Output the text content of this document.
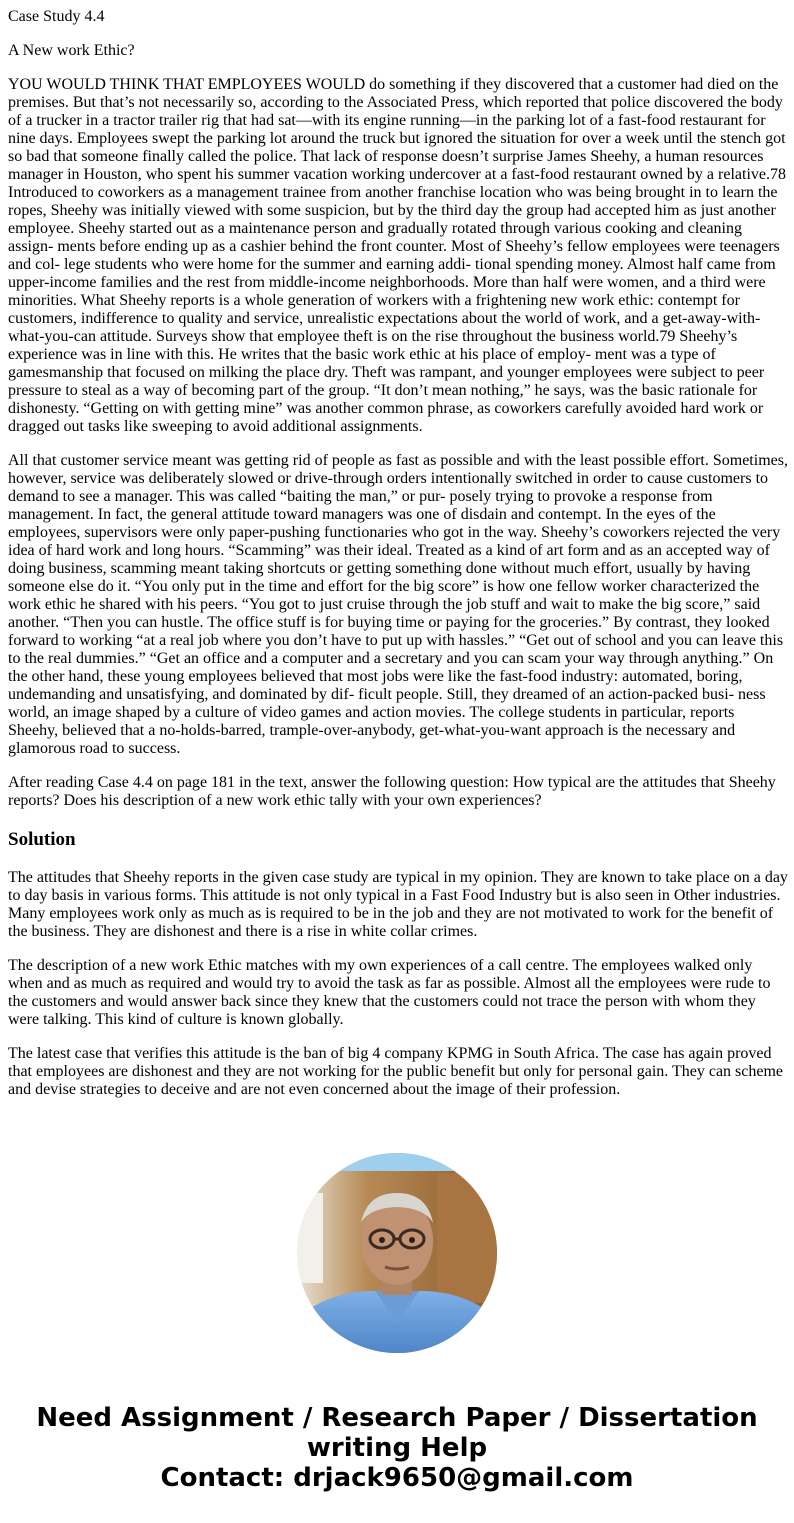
Case Study 4.4

A New work Ethic?

YOU WOULD THINK THAT EMPLOYEES WOULD do something if they discovered that a customer had died on the premises. But that’s not necessarily so, according to the Associated Press, which reported that police discovered the body of a trucker in a tractor trailer rig that had sat—with its engine running—in the parking lot of a fast-food restaurant for nine days. Employees swept the parking lot around the truck but ignored the situation for over a week until the stench got so bad that someone finally called the police. That lack of response doesn’t surprise James Sheehy, a human resources manager in Houston, who spent his summer vacation working undercover at a fast-food restaurant owned by a relative.78 Introduced to coworkers as a management trainee from another franchise location who was being brought in to learn the ropes, Sheehy was initially viewed with some suspicion, but by the third day the group had accepted him as just another employee. Sheehy started out as a maintenance person and gradually rotated through various cooking and cleaning assign- ments before ending up as a cashier behind the front counter. Most of Sheehy’s fellow employees were teenagers and col- lege students who were home for the summer and earning addi- tional spending money. Almost half came from upper-income families and the rest from middle-income neighborhoods. More than half were women, and a third were minorities. What Sheehy reports is a whole generation of workers with a frightening new work ethic: contempt for customers, indifference to quality and service, unrealistic expectations about the world of work, and a get-away-with-what-you-can attitude. Surveys show that employee theft is on the rise throughout the business world.79 Sheehy’s experience was in line with this. He writes that the basic work ethic at his place of employ- ment was a type of gamesmanship that focused on milking the place dry. Theft was rampant, and younger employees were subject to peer pressure to steal as a way of becoming part of the group. “It don’t mean nothing,” he says, was the basic rationale for dishonesty. “Getting on with getting mine” was another common phrase, as coworkers carefully avoided hard work or dragged out tasks like sweeping to avoid additional assignments.

All that customer service meant was getting rid of people as fast as possible and with the least possible effort. Sometimes, however, service was deliberately slowed or drive-through orders intentionally switched in order to cause customers to demand to see a manager. This was called “baiting the man,” or pur- posely trying to provoke a response from management. In fact, the general attitude toward managers was one of disdain and contempt. In the eyes of the employees, supervisors were only paper-pushing functionaries who got in the way. Sheehy’s coworkers rejected the very idea of hard work and long hours. “Scamming” was their ideal. Treated as a kind of art form and as an accepted way of doing business, scamming meant taking shortcuts or getting something done without much effort, usually by having someone else do it. “You only put in the time and effort for the big score” is how one fellow worker characterized the work ethic he shared with his peers. “You got to just cruise through the job stuff and wait to make the big score,” said another. “Then you can hustle. The office stuff is for buying time or paying for the groceries.” By contrast, they looked forward to working “at a real job where you don’t have to put up with hassles.” “Get out of school and you can leave this to the real dummies.” “Get an office and a computer and a secretary and you can scam your way through anything.” On the other hand, these young employees believed that most jobs were like the fast-food industry: automated, boring, undemanding and unsatisfying, and dominated by dif- ficult people. Still, they dreamed of an action-packed busi- ness world, an image shaped by a culture of video games and action movies. The college students in particular, reports Sheehy, believed that a no-holds-barred, trample-over-anybody, get-what-you-want approach is the necessary and glamorous road to success.

After reading Case 4.4 on page 181 in the text, answer the following question: How typical are the attitudes that Sheehy reports? Does his description of a new work ethic tally with your own experiences?

Solution

The attitudes that Sheehy reports in the given case study are typical in my opinion. They are known to take place on a day to day basis in various forms. This attitude is not only typical in a Fast Food Industry but is also seen in Other industries. Many employees work only as much as is required to be in the job and they are not motivated to work for the benefit of the business. They are dishonest and there is a rise in white collar crimes.

The description of a new work Ethic matches with my own experiences of a call centre. The employees walked only when and as much as required and would try to avoid the task as far as possible. Almost all the employees were rude to the customers and would answer back since they knew that the customers could not trace the person with whom they were talking. This kind of culture is known globally.

The latest case that verifies this attitude is the ban of big 4 company KPMG in South Africa. The case has again proved that employees are dishonest and they are not working for the public benefit but only for personal gain. They can scheme and devise strategies to deceive and are not even concerned about the image of their profession.

Need Assignment / Research Paper / Dissertation
writing Help
Contact: drjack9650@gmail.com
